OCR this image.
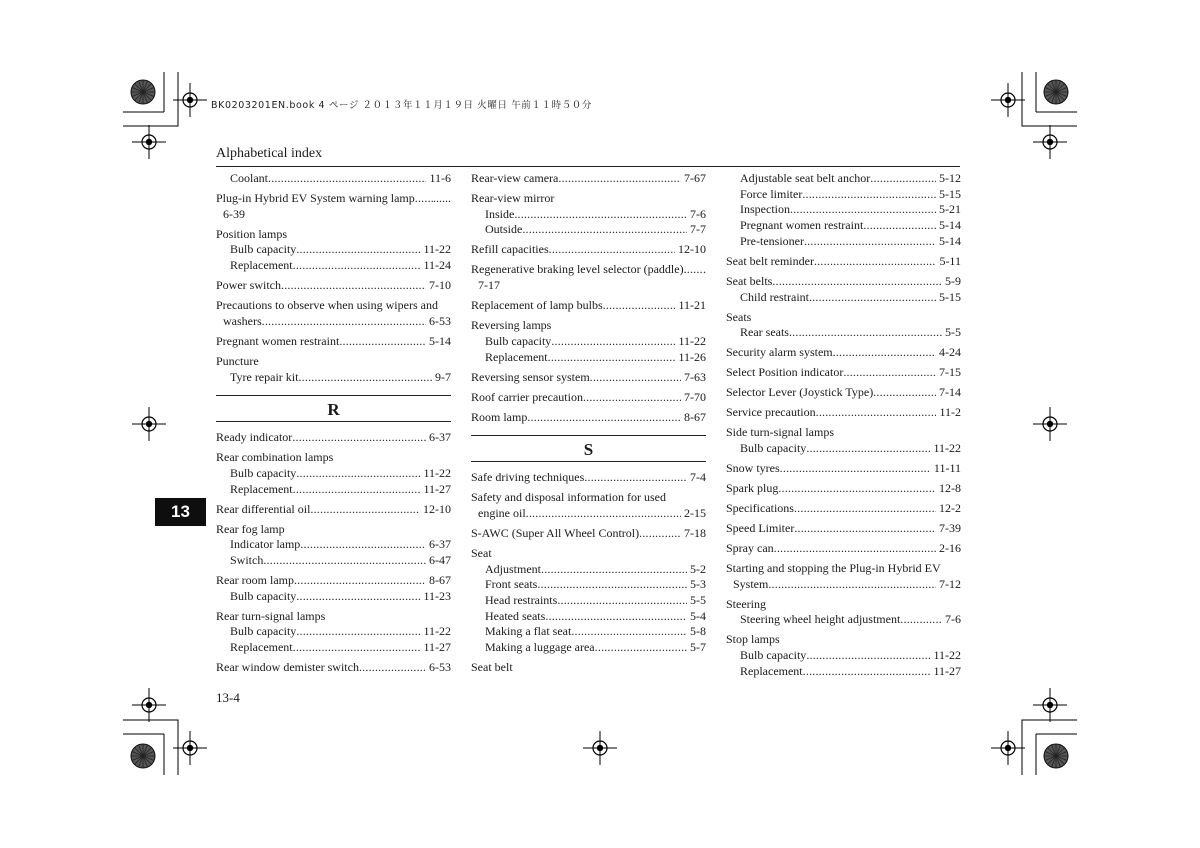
BK0203201EN.book 4 ページ ２０１３年１１月１９日 火曜日 午前１１時５０分
Alphabetical index
Coolant .....	11-6
Plug-in Hybrid EV System warning lamp ..... ......
6-39
Position lamps
Bulb capacity .....	11-22
Replacement .....	11-24
Power switch .....	7-10
Precautions to observe when using wipers and
washers .....	6-53
Pregnant women restraint .....	5-14
Puncture
Tyre repair kit .....	9-7
R
Ready indicator .....	6-37
Rear combination lamps
Bulb capacity .....	11-22
Replacement .....	11-27
Rear differential oil .....	12-10
Rear fog lamp
Indicator lamp .....	6-37
Switch .....	6-47
Rear room lamp .....	8-67
Bulb capacity .....	11-23
Rear turn-signal lamps
Bulb capacity .....	11-22
Replacement .....	11-27
Rear window demister switch .....	6-53
Rear-view camera .....	7-67
Rear-view mirror
Inside .....	7-6
Outside .....	7-7
Refill capacities .....	12-10
Regenerative braking level selector (paddle) ..... .
7-17
Replacement of lamp bulbs .....	11-21
Reversing lamps
Bulb capacity .....	11-22
Replacement .....	11-26
Reversing sensor system .....	7-63
Roof carrier precaution .....	7-70
Room lamp .....	8-67
S
Safe driving techniques .....	7-4
Safety and disposal information for used
engine oil .....	2-15
S-AWC (Super All Wheel Control) .....	7-18
Seat
Adjustment .....	5-2
Front seats .....	5-3
Head restraints .....	5-5
Heated seats .....	5-4
Making a flat seat .....	5-8
Making a luggage area .....	5-7
Seat belt
Adjustable seat belt anchor .....	5-12
Force limiter .....	5-15
Inspection .....	5-21
Pregnant women restraint .....	5-14
Pre-tensioner .....	5-14
Seat belt reminder .....	5-11
Seat belts .....	5-9
Child restraint .....	5-15
Seats
Rear seats .....	5-5
Security alarm system .....	4-24
Select Position indicator .....	7-15
Selector Lever (Joystick Type) .....	7-14
Service precaution .....	11-2
Side turn-signal lamps
Bulb capacity .....	11-22
Snow tyres .....	11-11
Spark plug .....	12-8
Specifications .....	12-2
Speed Limiter .....	7-39
Spray can .....	2-16
Starting and stopping the Plug-in Hybrid EV
System .....	7-12
Steering
Steering wheel height adjustment .....	7-6
Stop lamps
Bulb capacity .....	11-22
Replacement .....	11-27
13
13-4
